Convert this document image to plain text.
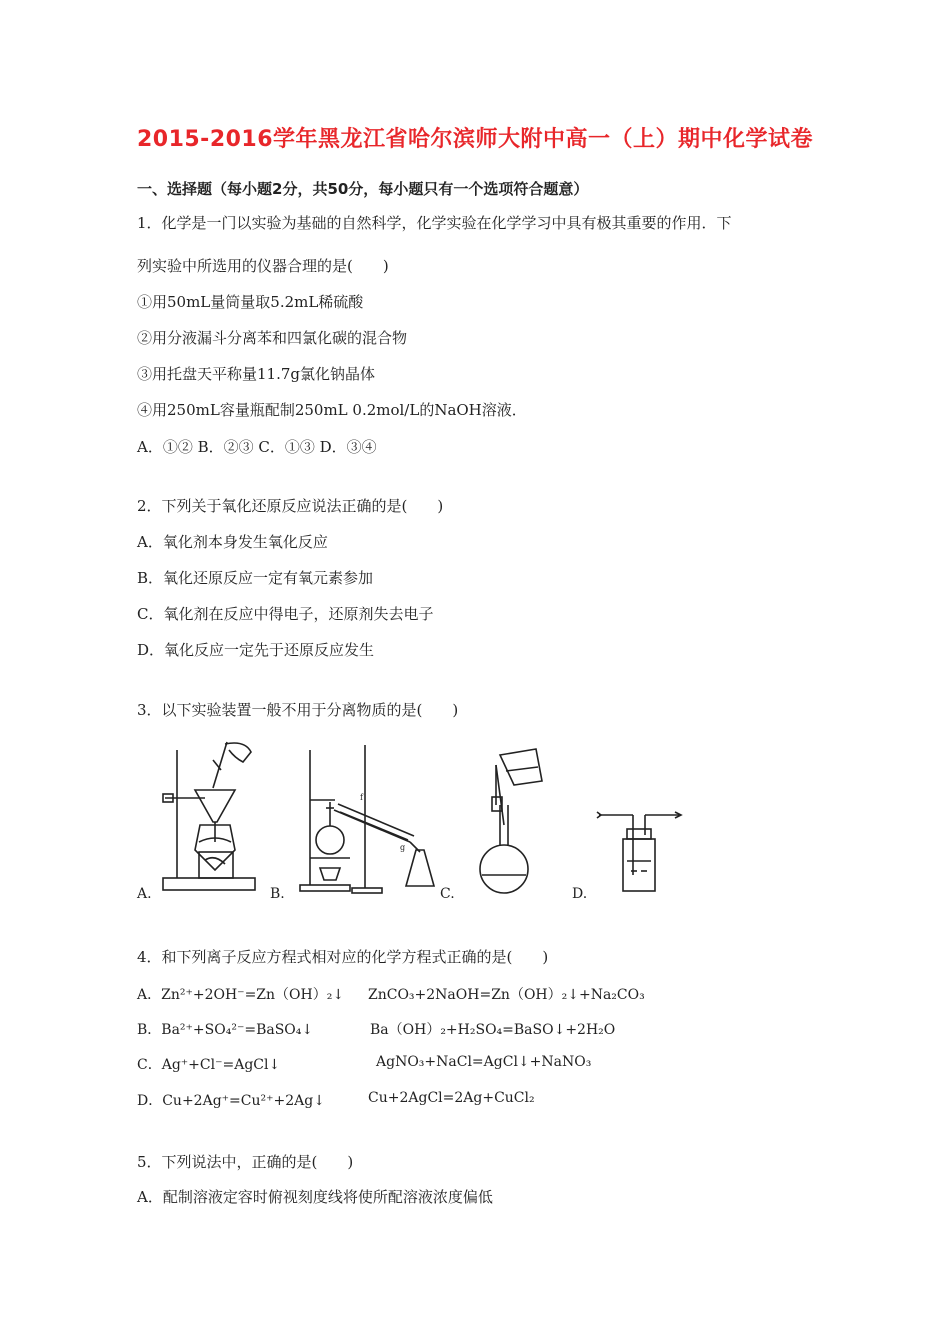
2015-2016学年黑龙江省哈尔滨师大附中高一（上）期中化学试卷
一、选择题（每小题2分，共50分，每小题只有一个选项符合题意）
1．化学是一门以实验为基础的自然科学，化学实验在化学学习中具有极其重要的作用．下
列实验中所选用的仪器合理的是(　　)
①用50mL量筒量取5.2mL稀硫酸
②用分液漏斗分离苯和四氯化碳的混合物
③用托盘天平称量11.7g氯化钠晶体
④用250mL容量瓶配制250mL 0.2mol/L的NaOH溶液．
A．①② B．②③ C．①③ D．③④
2．下列关于氧化还原反应说法正确的是(　　)
A．氧化剂本身发生氧化反应
B．氧化还原反应一定有氧元素参加
C．氧化剂在反应中得电子，还原剂失去电子
D．氧化反应一定先于还原反应发生
3．以下实验装置一般不用于分离物质的是(　　)
A.
f
g
B.	C.	D.
4．和下列离子反应方程式相对应的化学方程式正确的是(　　)
A．Zn²⁺+2OH⁻=Zn（OH）₂↓ ZnCO₃+2NaOH=Zn（OH）₂↓+Na₂CO₃
B．Ba²⁺+SO₄²⁻=BaSO₄↓	Ba（OH）₂+H₂SO₄=BaSO↓+2H₂O
C．Ag⁺+Cl⁻=AgCl↓	AgNO₃+NaCl=AgCl↓+NaNO₃
D．Cu+2Ag⁺=Cu²⁺+2Ag↓	Cu+2AgCl=2Ag+CuCl₂
5．下列说法中，正确的是(　　)
A．配制溶液定容时俯视刻度线将使所配溶液浓度偏低
